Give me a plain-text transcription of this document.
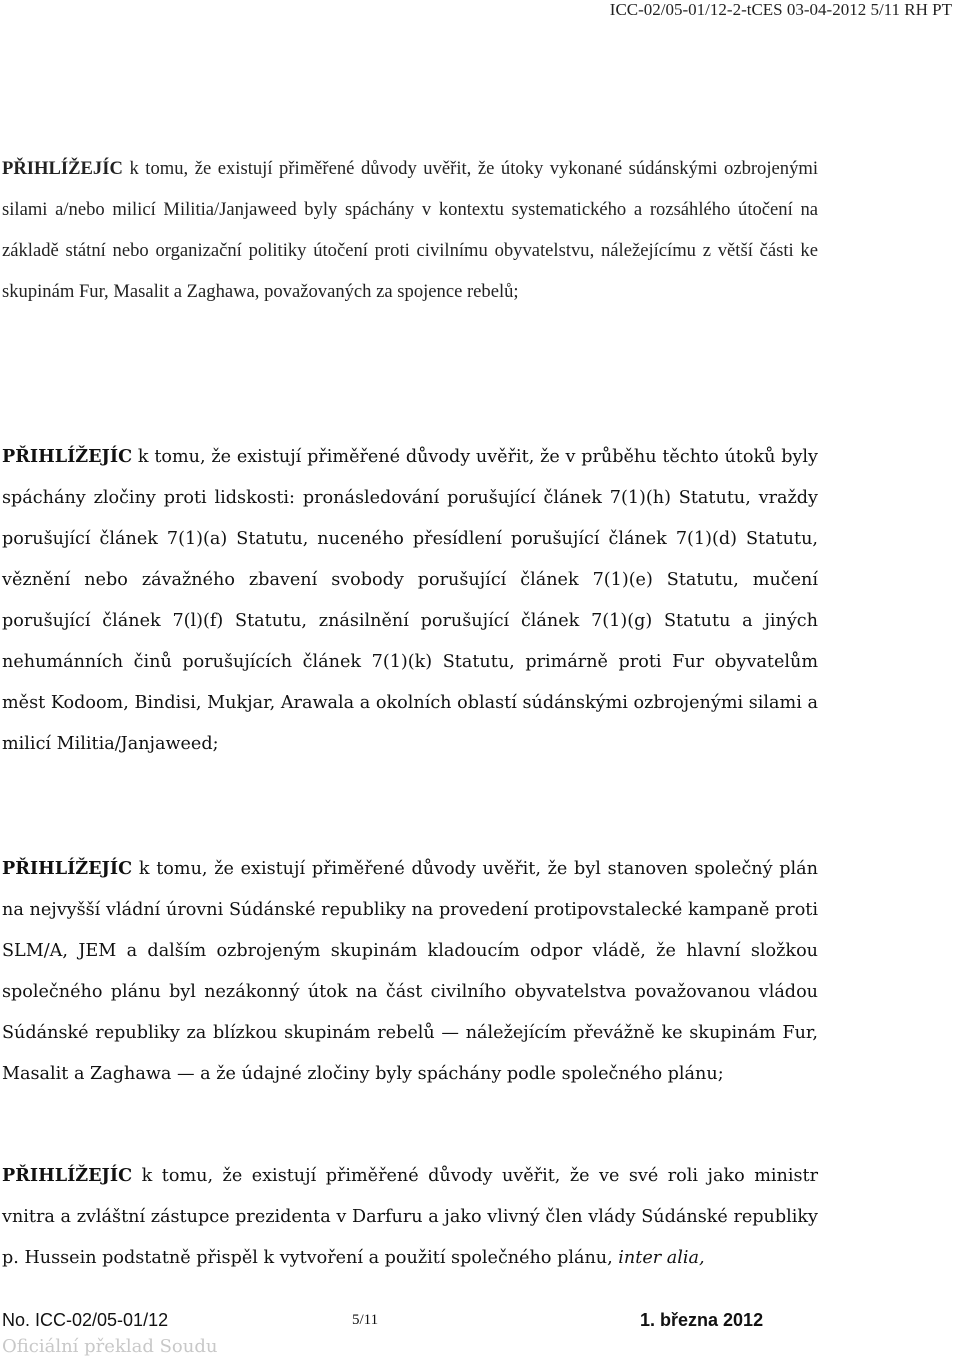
ICC-02/05-01/12-2-tCES 03-04-2012 5/11 RH PT

PŘIHLÍŽEJÍC k tomu, že existují přiměřené důvody uvěřit, že útoky vykonané súdánskými ozbrojenými silami a/nebo milicí Militia/Janjaweed byly spáchány v kontextu systematického a rozsáhlého útočení na základě státní nebo organizační politiky útočení proti civilnímu obyvatelstvu, náležejícímu z větší části ke skupinám Fur, Masalit a Zaghawa, považovaných za spojence rebelů;

PŘIHLÍŽEJÍC k tomu, že existují přiměřené důvody uvěřit, že v průběhu těchto útoků byly spáchány zločiny proti lidskosti: pronásledování porušující článek 7(1)(h) Statutu, vraždy porušující článek 7(1)(a) Statutu, nuceného přesídlení porušující článek 7(1)(d) Statutu, věznění nebo závažného zbavení svobody porušující článek 7(1)(e) Statutu, mučení porušující článek 7(l)(f) Statutu, znásilnění porušující článek 7(1)(g) Statutu a jiných nehumánních činů porušujících článek 7(1)(k) Statutu, primárně proti Fur obyvatelům měst Kodoom, Bindisi, Mukjar, Arawala a okolních oblastí súdánskými ozbrojenými silami a milicí Militia/Janjaweed;

PŘIHLÍŽEJÍC k tomu, že existují přiměřené důvody uvěřit, že byl stanoven společný plán na nejvyšší vládní úrovni Súdánské republiky na provedení protipovstalecké kampaně proti SLM/A, JEM a dalším ozbrojeným skupinám kladoucím odpor vládě, že hlavní složkou společného plánu byl nezákonný útok na část civilního obyvatelstva považovanou vládou Súdánské republiky za blízkou skupinám rebelů — náležejícím převážně ke skupinám Fur, Masalit a Zaghawa — a že údajné zločiny byly spáchány podle společného plánu;

PŘIHLÍŽEJÍC k tomu, že existují přiměřené důvody uvěřit, že ve své roli jako ministr vnitra a zvláštní zástupce prezidenta v Darfuru a jako vlivný člen vlády Súdánské republiky p. Hussein podstatně přispěl k vytvoření a použití společného plánu, inter alia,

No. ICC-02/05-01/12	5/11	1. března 2012
Oficiální překlad Soudu
